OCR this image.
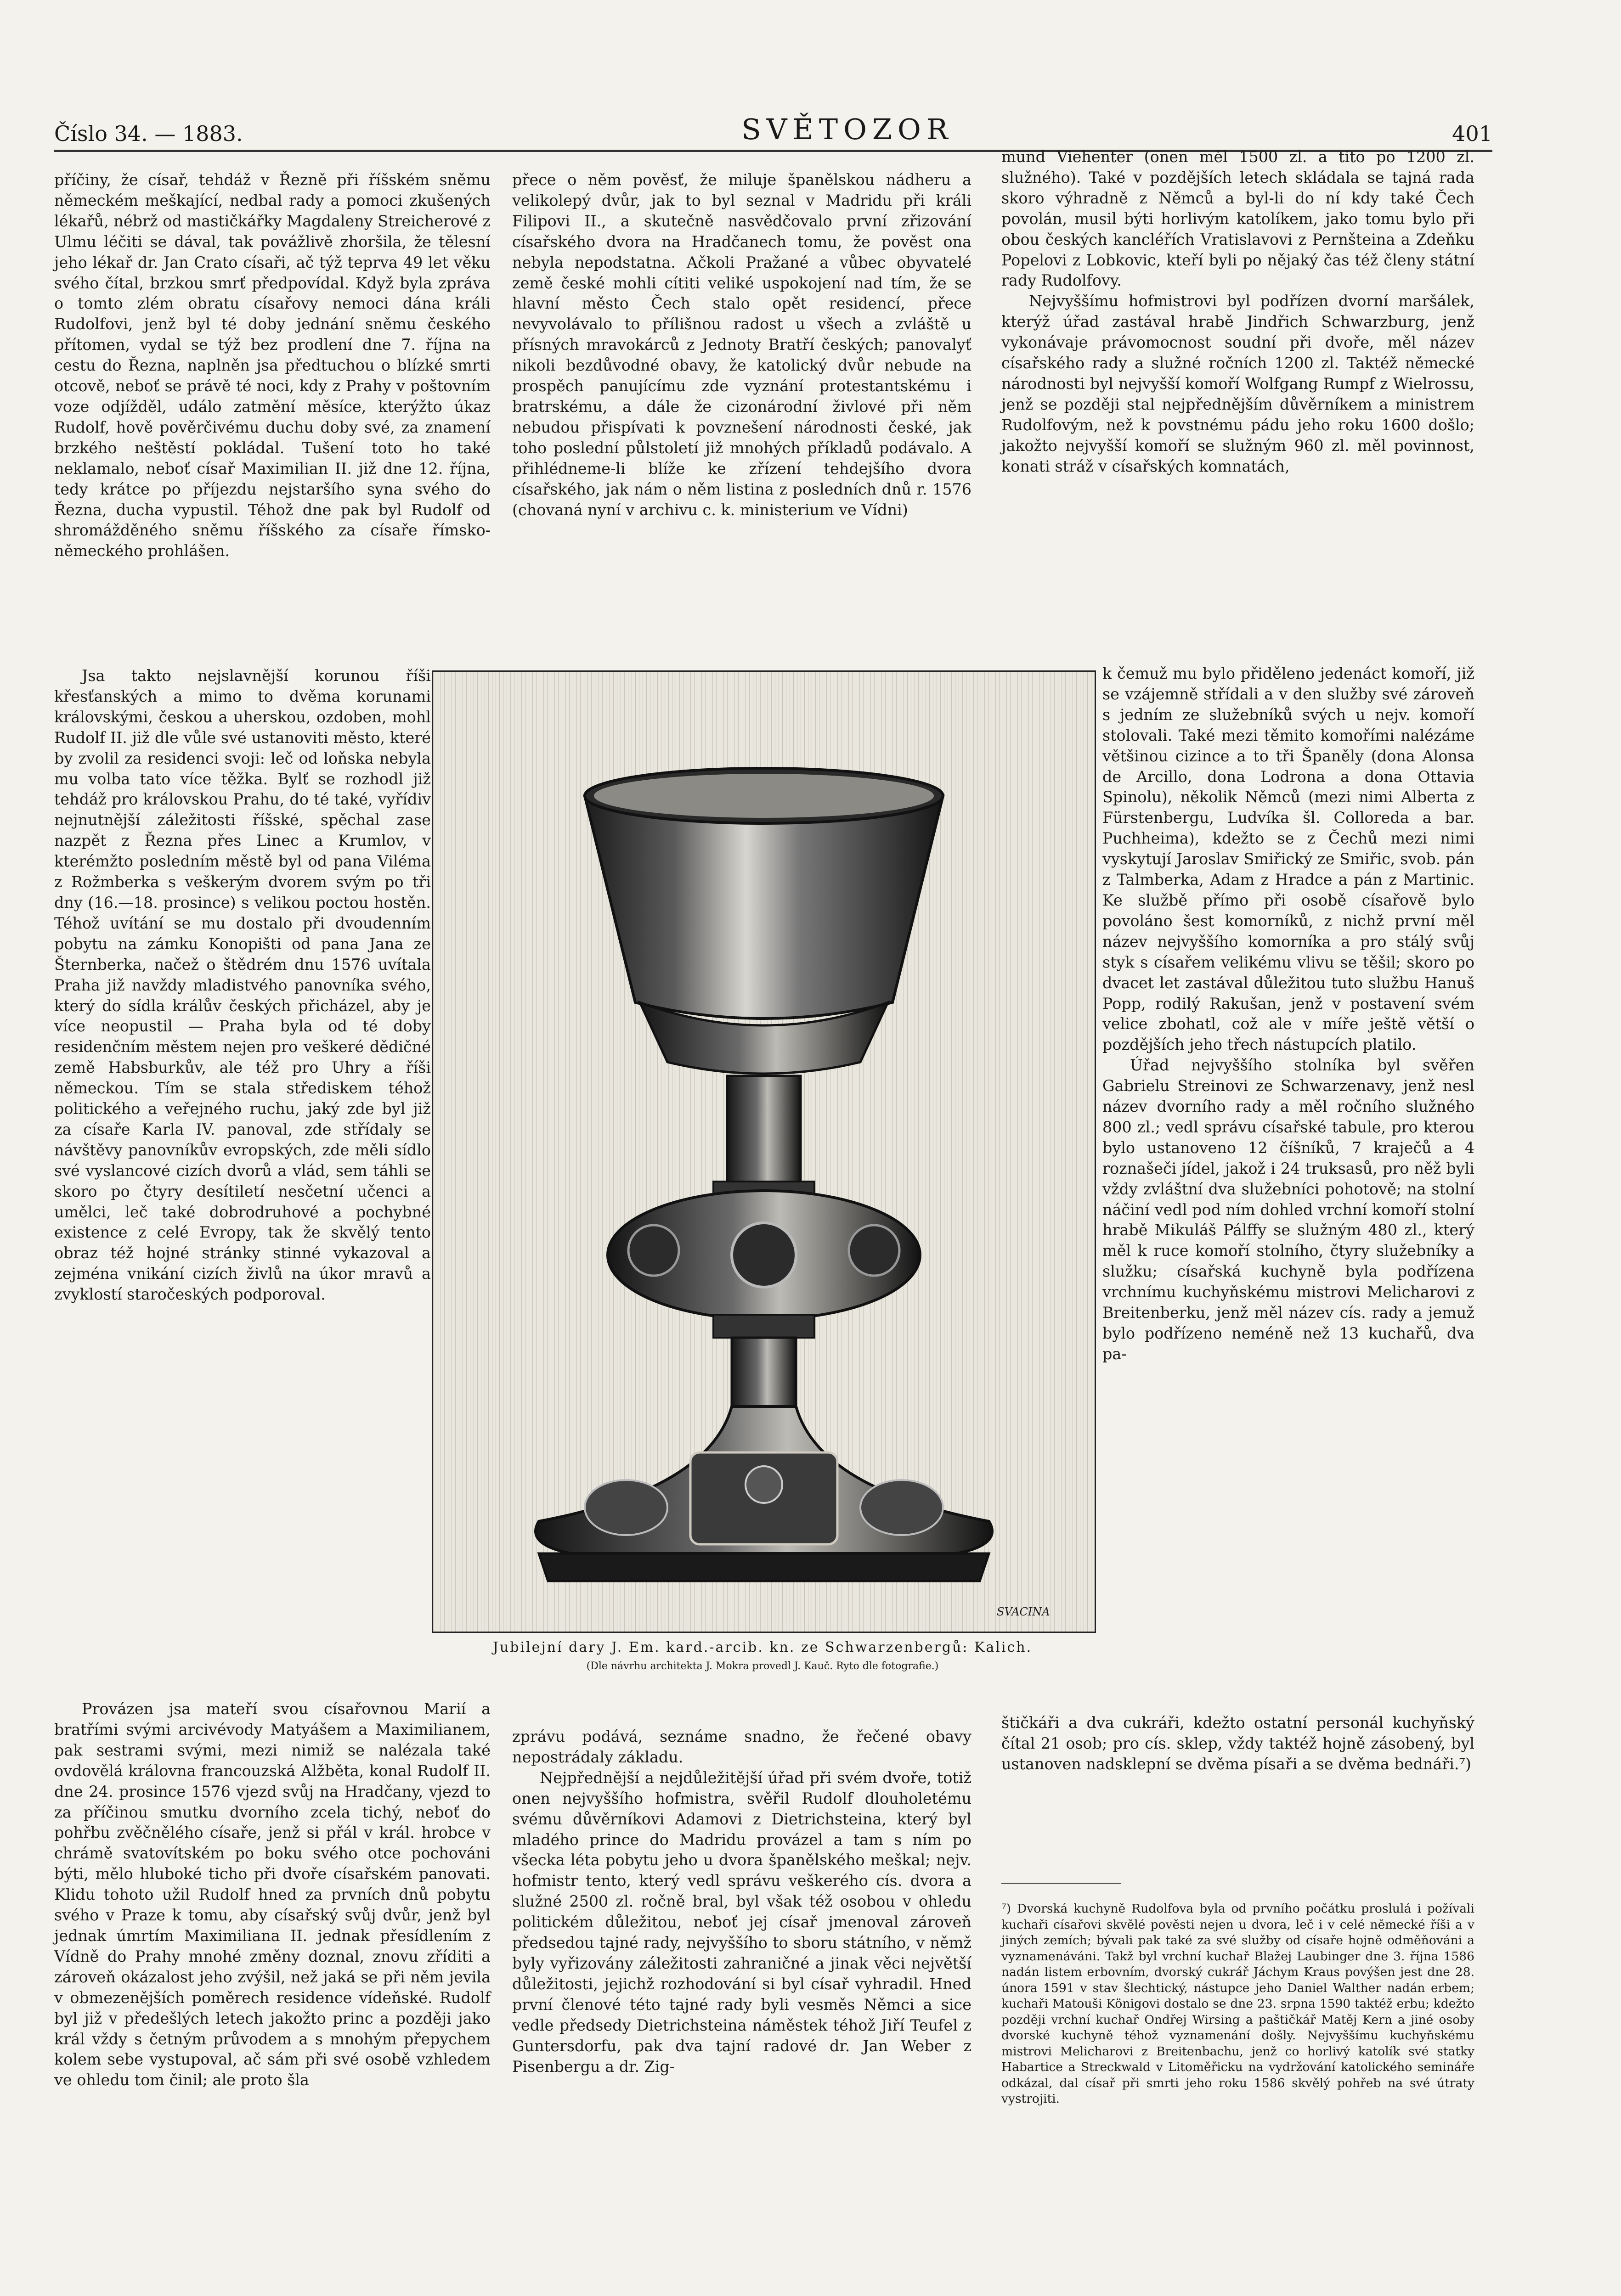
Číslo 34. — 1883.	SVĚTOZOR	401

příčiny, že císař, tehdáž v Řezně při říšském sněmu německém meškající, nedbal rady a pomoci zkušených lékařů, nébrž od mastičkářky Magdaleny Streicherové z Ulmu léčiti se dával, tak povážlivě zhoršila, že tělesní jeho lékař dr. Jan Crato císaři, ač týž teprva 49 let věku svého čítal, brzkou smrť předpovídal. Když byla zpráva o tomto zlém obratu císařovy nemoci dána králi Rudolfovi, jenž byl té doby jednání sněmu českého přítomen, vydal se týž bez prodlení dne 7. října na cestu do Řezna, naplněn jsa předtuchou o blízké smrti otcově, neboť se právě té noci, kdy z Prahy v poštovním voze odjížděl, událo zatmění měsíce, kterýžto úkaz Rudolf, hově pověrčivému duchu doby své, za znamení brzkého neštěstí pokládal. Tušení toto ho také neklamalo, neboť císař Maximilian II. již dne 12. října, tedy krátce po příjezdu nejstaršího syna svého do Řezna, ducha vypustil. Téhož dne pak byl Rudolf od shromážděného sněmu říšského za císaře římsko-německého prohlášen.

Jsa takto nejslavnější korunou říši křesťanských a mimo to dvěma korunami královskými, českou a uherskou, ozdoben, mohl Rudolf II. již dle vůle své ustanoviti město, které by zvolil za residenci svoji: leč od loňska nebyla mu volba tato více těžka. Bylť se rozhodl již tehdáž pro královskou Prahu, do té také, vyřídiv nejnutnější záležitosti říšské, spěchal zase nazpět z Řezna přes Linec a Krumlov, v kterémžto posledním městě byl od pana Viléma z Rožmberka s veškerým dvorem svým po tři dny (16.—18. prosince) s velikou poctou hostěn. Téhož uvítání se mu dostalo při dvoudenním pobytu na zámku Konopišti od pana Jana ze Šternberka, načež o štědrém dnu 1576 uvítala Praha již navždy mladistvého panovníka svého, který do sídla králův českých přicházel, aby je více neopustil — Praha byla od té doby residenčním městem nejen pro veškeré dědičné země Habsburkův, ale též pro Uhry a říši německou. Tím se stala střediskem téhož politického a veřejného ruchu, jaký zde byl již za císaře Karla IV. panoval, zde střídaly se návštěvy panovníkův evropských, zde měli sídlo své vyslancové cizích dvorů a vlád, sem táhli se skoro po čtyry desítiletí nesčetní učenci a umělci, leč také dobrodruhové a pochybné existence z celé Evropy, tak že skvělý tento obraz též hojné stránky stinné vykazoval a zejména vnikání cizích živlů na úkor mravů a zvyklostí staročeských podporoval.

Provázen jsa mateří svou císařovnou Marií a bratřími svými arcivévody Matyášem a Maximilianem, pak sestrami svými, mezi nimiž se nalézala také ovdovělá královna francouzská Alžběta, konal Rudolf II. dne 24. prosince 1576 vjezd svůj na Hradčany, vjezd to za příčinou smutku dvorního zcela tichý, neboť do pohřbu zvěčnělého císaře, jenž si přál v král. hrobce v chrámě svatovítském po boku svého otce pochováni býti, mělo hluboké ticho při dvoře císařském panovati. Klidu tohoto užil Rudolf hned za prvních dnů pobytu svého v Praze k tomu, aby císařský svůj dvůr, jenž byl jednak úmrtím Maximiliana II. jednak přesídlením z Vídně do Prahy mnohé změny doznal, znovu zříditi a zároveň okázalost jeho zvýšil, než jaká se při něm jevila v obmezenějších poměrech residence vídeňské. Rudolf byl již v předešlých letech jakožto princ a později jako král vždy s četným průvodem a s mnohým přepychem kolem sebe vystupoval, ač sám při své osobě vzhledem ve ohledu tom činil; ale proto šla

přece o něm pověsť, že miluje španělskou nádheru a velikolepý dvůr, jak to byl seznal v Madridu při králi Filipovi II., a skutečně nasvědčovalo první zřizování císařského dvora na Hradčanech tomu, že pověst ona nebyla nepodstatna. Ačkoli Pražané a vůbec obyvatelé země české mohli cítiti veliké uspokojení nad tím, že se hlavní město Čech stalo opět residencí, přece nevyvolávalo to přílišnou radost u všech a zvláště u přísných mravokárců z Jednoty Bratří českých; panovalyť nikoli bezdůvodné obavy, že katolický dvůr nebude na prospěch panujícímu zde vyznání protestantskému i bratrskému, a dále že cizonárodní živlové při něm nebudou přispívati k povznešení národnosti české, jak toho poslední půlstoletí již mnohých příkladů podávalo. A přihlédneme-li blíže ke zřízení tehdejšího dvora císařského, jak nám o něm listina z posledních dnů r. 1576 (chovaná nyní v archivu c. k. ministerium ve Vídni)

zprávu podává, seznáme snadno, že řečené obavy nepostrádaly základu.

Nejpřednější a nejdůležitější úřad při svém dvoře, totiž onen nejvyššího hofmistra, svěřil Rudolf dlouholetému svému důvěrníkovi Adamovi z Dietrichsteina, který byl mladého prince do Madridu provázel a tam s ním po všecka léta pobytu jeho u dvora španělského meškal; nejv. hofmistr tento, který vedl správu veškerého cís. dvora a služné 2500 zl. ročně bral, byl však též osobou v ohledu politickém důležitou, neboť jej císař jmenoval zároveň předsedou tajné rady, nejvyššího to sboru státního, v němž byly vyřizovány záležitosti zahraničné a jinak věci největší důležitosti, jejichž rozhodování si byl císař vyhradil. Hned první členové této tajné rady byli vesměs Němci a sice vedle předsedy Dietrichsteina náměstek téhož Jiří Teufel z Guntersdorfu, pak dva tajní radové dr. Jan Weber z Pisenbergu a dr. Zig-

mund Viehenter (onen měl 1500 zl. a tito po 1200 zl. služného). Také v pozdějších letech skládala se tajná rada skoro výhradně z Němců a byl-li do ní kdy také Čech povolán, musil býti horlivým katolíkem, jako tomu bylo při obou českých kancléřích Vratislavovi z Pernšteina a Zdeňku Popelovi z Lobkovic, kteří byli po nějaký čas též členy státní rady Rudolfovy.

Nejvyššímu hofmistrovi byl podřízen dvorní maršálek, kterýž úřad zastával hrabě Jindřich Schwarzburg, jenž vykonávaje právomocnost soudní při dvoře, měl název císařského rady a služné ročních 1200 zl. Taktéž německé národnosti byl nejvyšší komoří Wolfgang Rumpf z Wielrossu, jenž se později stal nejpřednějším důvěrníkem a ministrem Rudolfovým, než k povstnému pádu jeho roku 1600 došlo; jakožto nejvyšší komoří se služným 960 zl. měl povinnost, konati stráž v císařských komnatách,

k čemuž mu bylo přiděleno jedenáct komoří, již se vzájemně střídali a v den služby své zároveň s jedním ze služebníků svých u nejv. komoří stolovali. Také mezi těmito komořími nalézáme většinou cizince a to tři Španěly (dona Alonsa de Arcillo, dona Lodrona a dona Ottavia Spinolu), několik Němců (mezi nimi Alberta z Fürstenbergu, Ludvíka šl. Colloreda a bar. Puchheima), kdežto se z Čechů mezi nimi vyskytují Jaroslav Smiřický ze Smiřic, svob. pán z Talmberka, Adam z Hradce a pán z Martinic. Ke službě přímo při osobě císařově bylo povoláno šest komorníků, z nichž první měl název nejvyššího komorníka a pro stálý svůj styk s císařem velikému vlivu se těšil; skoro po dvacet let zastával důležitou tuto službu Hanuš Popp, rodilý Rakušan, jenž v postavení svém velice zbohatl, což ale v míře ještě větší o pozdějších jeho třech nástupcích platilo.

Úřad nejvyššího stolníka byl svěřen Gabrielu Streinovi ze Schwarzenavy, jenž nesl název dvorního rady a měl ročního služného 800 zl.; vedl správu císařské tabule, pro kterou bylo ustanoveno 12 číšníků, 7 kraječů a 4 roznašeči jídel, jakož i 24 truksasů, pro něž byli vždy zvláštní dva služebníci pohotově; na stolní náčiní vedl pod ním dohled vrchní komoří stolní hrabě Mikuláš Pálffy se služným 480 zl., který měl k ruce komoří stolního, čtyry služebníky a služku; císařská kuchyně byla podřízena vrchnímu kuchyňskému mistrovi Melicharovi z Breitenberku, jenž měl název cís. rady a jemuž bylo podřízeno neméně než 13 kuchařů, dva pa-

štičkáři a dva cukráři, kdežto ostatní personál kuchyňský čítal 21 osob; pro cís. sklep, vždy taktéž hojně zásobený, byl ustanoven nadsklepní se dvěma písaři a se dvěma bednáři.⁷)

⁷) Dvorská kuchyně Rudolfova byla od prvního počátku proslulá i požívali kuchaři císařovi skvělé pověsti nejen u dvora, leč i v celé německé říši a v jiných zemích; bývali pak také za své služby od císaře hojně odměňováni a vyznamenáváni. Takž byl vrchní kuchař Blažej Laubinger dne 3. října 1586 nadán listem erbovním, dvorský cukrář Jáchym Kraus povýšen jest dne 28. února 1591 v stav šlechtický, nástupce jeho Daniel Walther nadán erbem; kuchaři Matouši Königovi dostalo se dne 23. srpna 1590 taktéž erbu; kdežto později vrchní kuchař Ondřej Wirsing a paštičkář Matěj Kern a jiné osoby dvorské kuchyně téhož vyznamenání došly. Nejvyššímu kuchyňskému mistrovi Melicharovi z Breitenbachu, jenž co horlivý katolík své statky Habartice a Streckwald v Litoměřicku na vydržování katolického semináře odkázal, dal císař při smrti jeho roku 1586 skvělý pohřeb na své útraty vystrojiti.
SVACINA
Jubilejní dary J. Em. kard.-arcib. kn. ze Schwarzenbergů: Kalich.
(Dle návrhu architekta J. Mokra provedl J. Kauč. Ryto dle fotografie.)
